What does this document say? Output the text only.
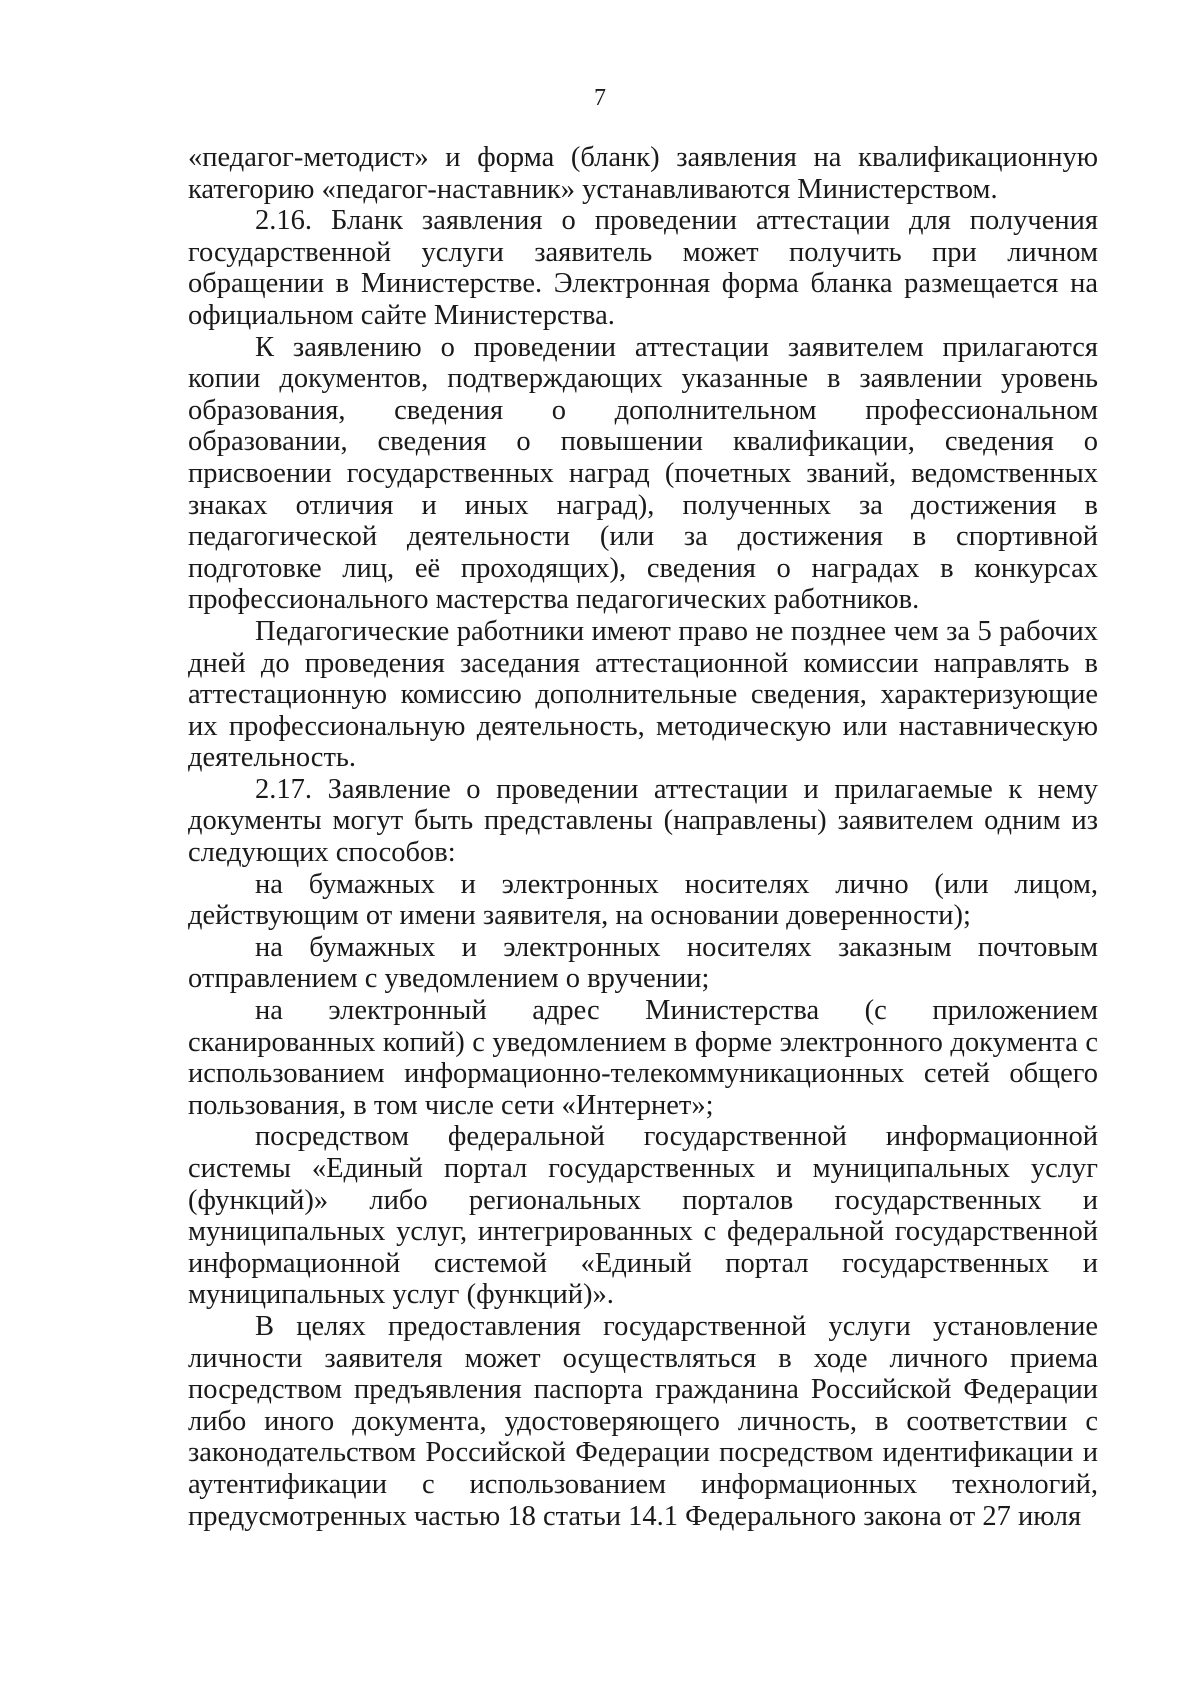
7

«педагог-методист» и форма (бланк) заявления на квалификационную категорию «педагог-наставник» устанавливаются Министерством.

2.16. Бланк заявления о проведении аттестации для получения государственной услуги заявитель может получить при личном обращении в Министерстве. Электронная форма бланка размещается на официальном сайте Министерства.

К заявлению о проведении аттестации заявителем прилагаются копии документов, подтверждающих указанные в заявлении уровень образования, сведения о дополнительном профессиональном образовании, сведения о повышении квалификации, сведения о присвоении государственных наград (почетных званий, ведомственных знаках отличия и иных наград), полученных за достижения в педагогической деятельности (или за достижения в спортивной подготовке лиц, её проходящих), сведения о наградах в конкурсах профессионального мастерства педагогических работников.

Педагогические работники имеют право не позднее чем за 5 рабочих дней до проведения заседания аттестационной комиссии направлять в аттестационную комиссию дополнительные сведения, характеризующие их профессиональную деятельность, методическую или наставническую деятельность.

2.17. Заявление о проведении аттестации и прилагаемые к нему документы могут быть представлены (направлены) заявителем одним из следующих способов:

на бумажных и электронных носителях лично (или лицом, действующим от имени заявителя, на основании доверенности);

на бумажных и электронных носителях заказным почтовым отправлением с уведомлением о вручении;

на электронный адрес Министерства (с приложением сканированных копий) с уведомлением в форме электронного документа с использованием информационно-телекоммуникационных сетей общего пользования, в том числе сети «Интернет»;

посредством федеральной государственной информационной системы «Единый портал государственных и муниципальных услуг (функций)» либо региональных порталов государственных и муниципальных услуг, интегрированных с федеральной государственной информационной системой «Единый портал государственных и муниципальных услуг (функций)».

В целях предоставления государственной услуги установление личности заявителя может осуществляться в ходе личного приема посредством предъявления паспорта гражданина Российской Федерации либо иного документа, удостоверяющего личность, в соответствии с законодательством Российской Федерации посредством идентификации и аутентификации с использованием информационных технологий, предусмотренных частью 18 статьи 14.1 Федерального закона от 27 июля
